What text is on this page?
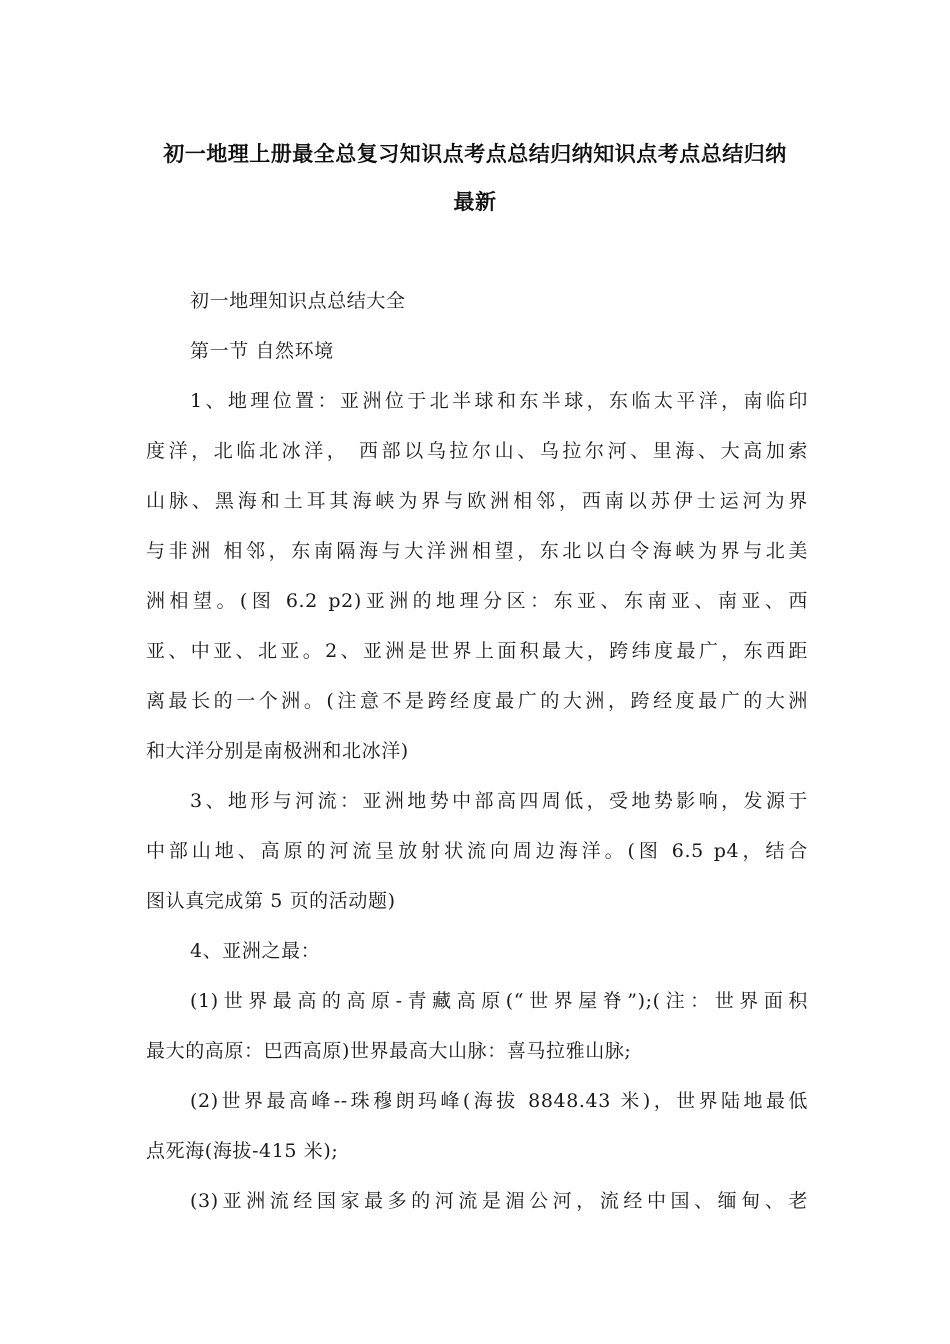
初一地理上册最全总复习知识点考点总结归纳知识点考点总结归纳
最新
初一地理知识点总结大全
第一节 自然环境
1、地理位置：亚洲位于北半球和东半球，东临太平洋，南临印
度洋，北临北冰洋， 西部以乌拉尔山、乌拉尔河、里海、大高加索
山脉、黑海和土耳其海峡为界与欧洲相邻，西南以苏伊士运河为界
与非洲 相邻，东南隔海与大洋洲相望，东北以白令海峡为界与北美
洲相望。(图 6.2 p2)亚洲的地理分区：东亚、东南亚、南亚、西
亚、中亚、北亚。2、亚洲是世界上面积最大，跨纬度最广，东西距
离最长的一个洲。(注意不是跨经度最广的大洲，跨经度最广的大洲
和大洋分别是南极洲和北冰洋)
3、地形与河流：亚洲地势中部高四周低，受地势影响，发源于
中部山地、高原的河流呈放射状流向周边海洋。(图 6.5 p4，结合
图认真完成第 5 页的活动题)
4、亚洲之最：
(1)世界最高的高原-青藏高原(“世界屋脊”);(注：世界面积
最大的高原：巴西高原)世界最高大山脉：喜马拉雅山脉;
(2)世界最高峰--珠穆朗玛峰(海拔 8848.43 米)，世界陆地最低
点死海(海拔-415 米);
(3)亚洲流经国家最多的河流是湄公河，流经中国、缅甸、老
